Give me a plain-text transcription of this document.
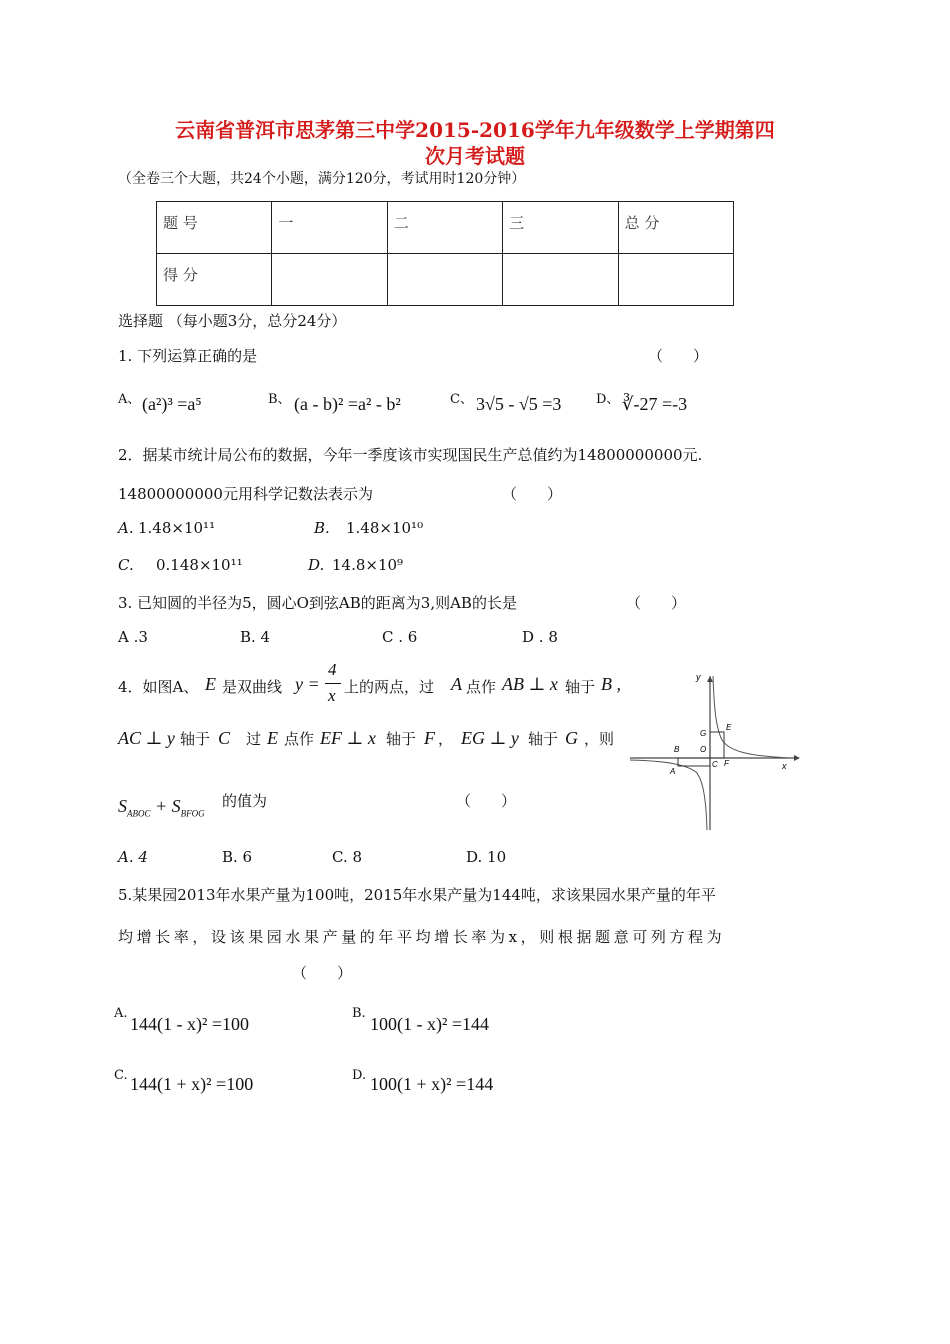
云南省普洱市思茅第三中学2015-2016学年九年级数学上学期第四
次月考试题
（全卷三个大题，共24个小题，满分120分，考试用时120分钟）
题 号	一	二	三	总 分
得 分				
选择题 （每小题3分，总分24分）
1. 下列运算正确的是	（　　）
A、 (a²)³ =a⁵	B、 (a - b)² =a² - b²	C、 3√5 - √5 =3	D、 ∛-27 =-3
2．据某市统计局公布的数据，今年一季度该市实现国民生产总值约为14800000000元.
14800000000元用科学记数法表示为	（　　）
A. 1.48×10¹¹	B. 1.48×10¹⁰
C. 0.148×10¹¹	D. 14.8×10⁹
3. 已知圆的半径为5，圆心O到弦AB的距离为3,则AB的长是	（　　）
A .3	B. 4	C . 6	D . 8
4．如图A、 E 是双曲线 y =
4
x 上的两点，过 A 点作 AB ⊥ x 轴于 B ,
AC ⊥ y 轴于 C 过 E 点作 EF ⊥ x 轴于 F ， EG ⊥ y 轴于 G ，则
$S_{ABOC} + S_{BFOG}$
的值为	（　　）
A. 4	B. 6	C. 8	D. 10
y
x
G
E
B	O
A
C F
5.某果园2013年水果产量为100吨，2015年水果产量为144吨，求该果园水果产量的年平
均增长率，设该果园水果产量的年平均增长率为x，则根据题意可列方程为
（　　）
A.
144(1 - x)² =100
B.
100(1 - x)² =144
C. 144(1 + x)² =100	D. 100(1 + x)² =144
